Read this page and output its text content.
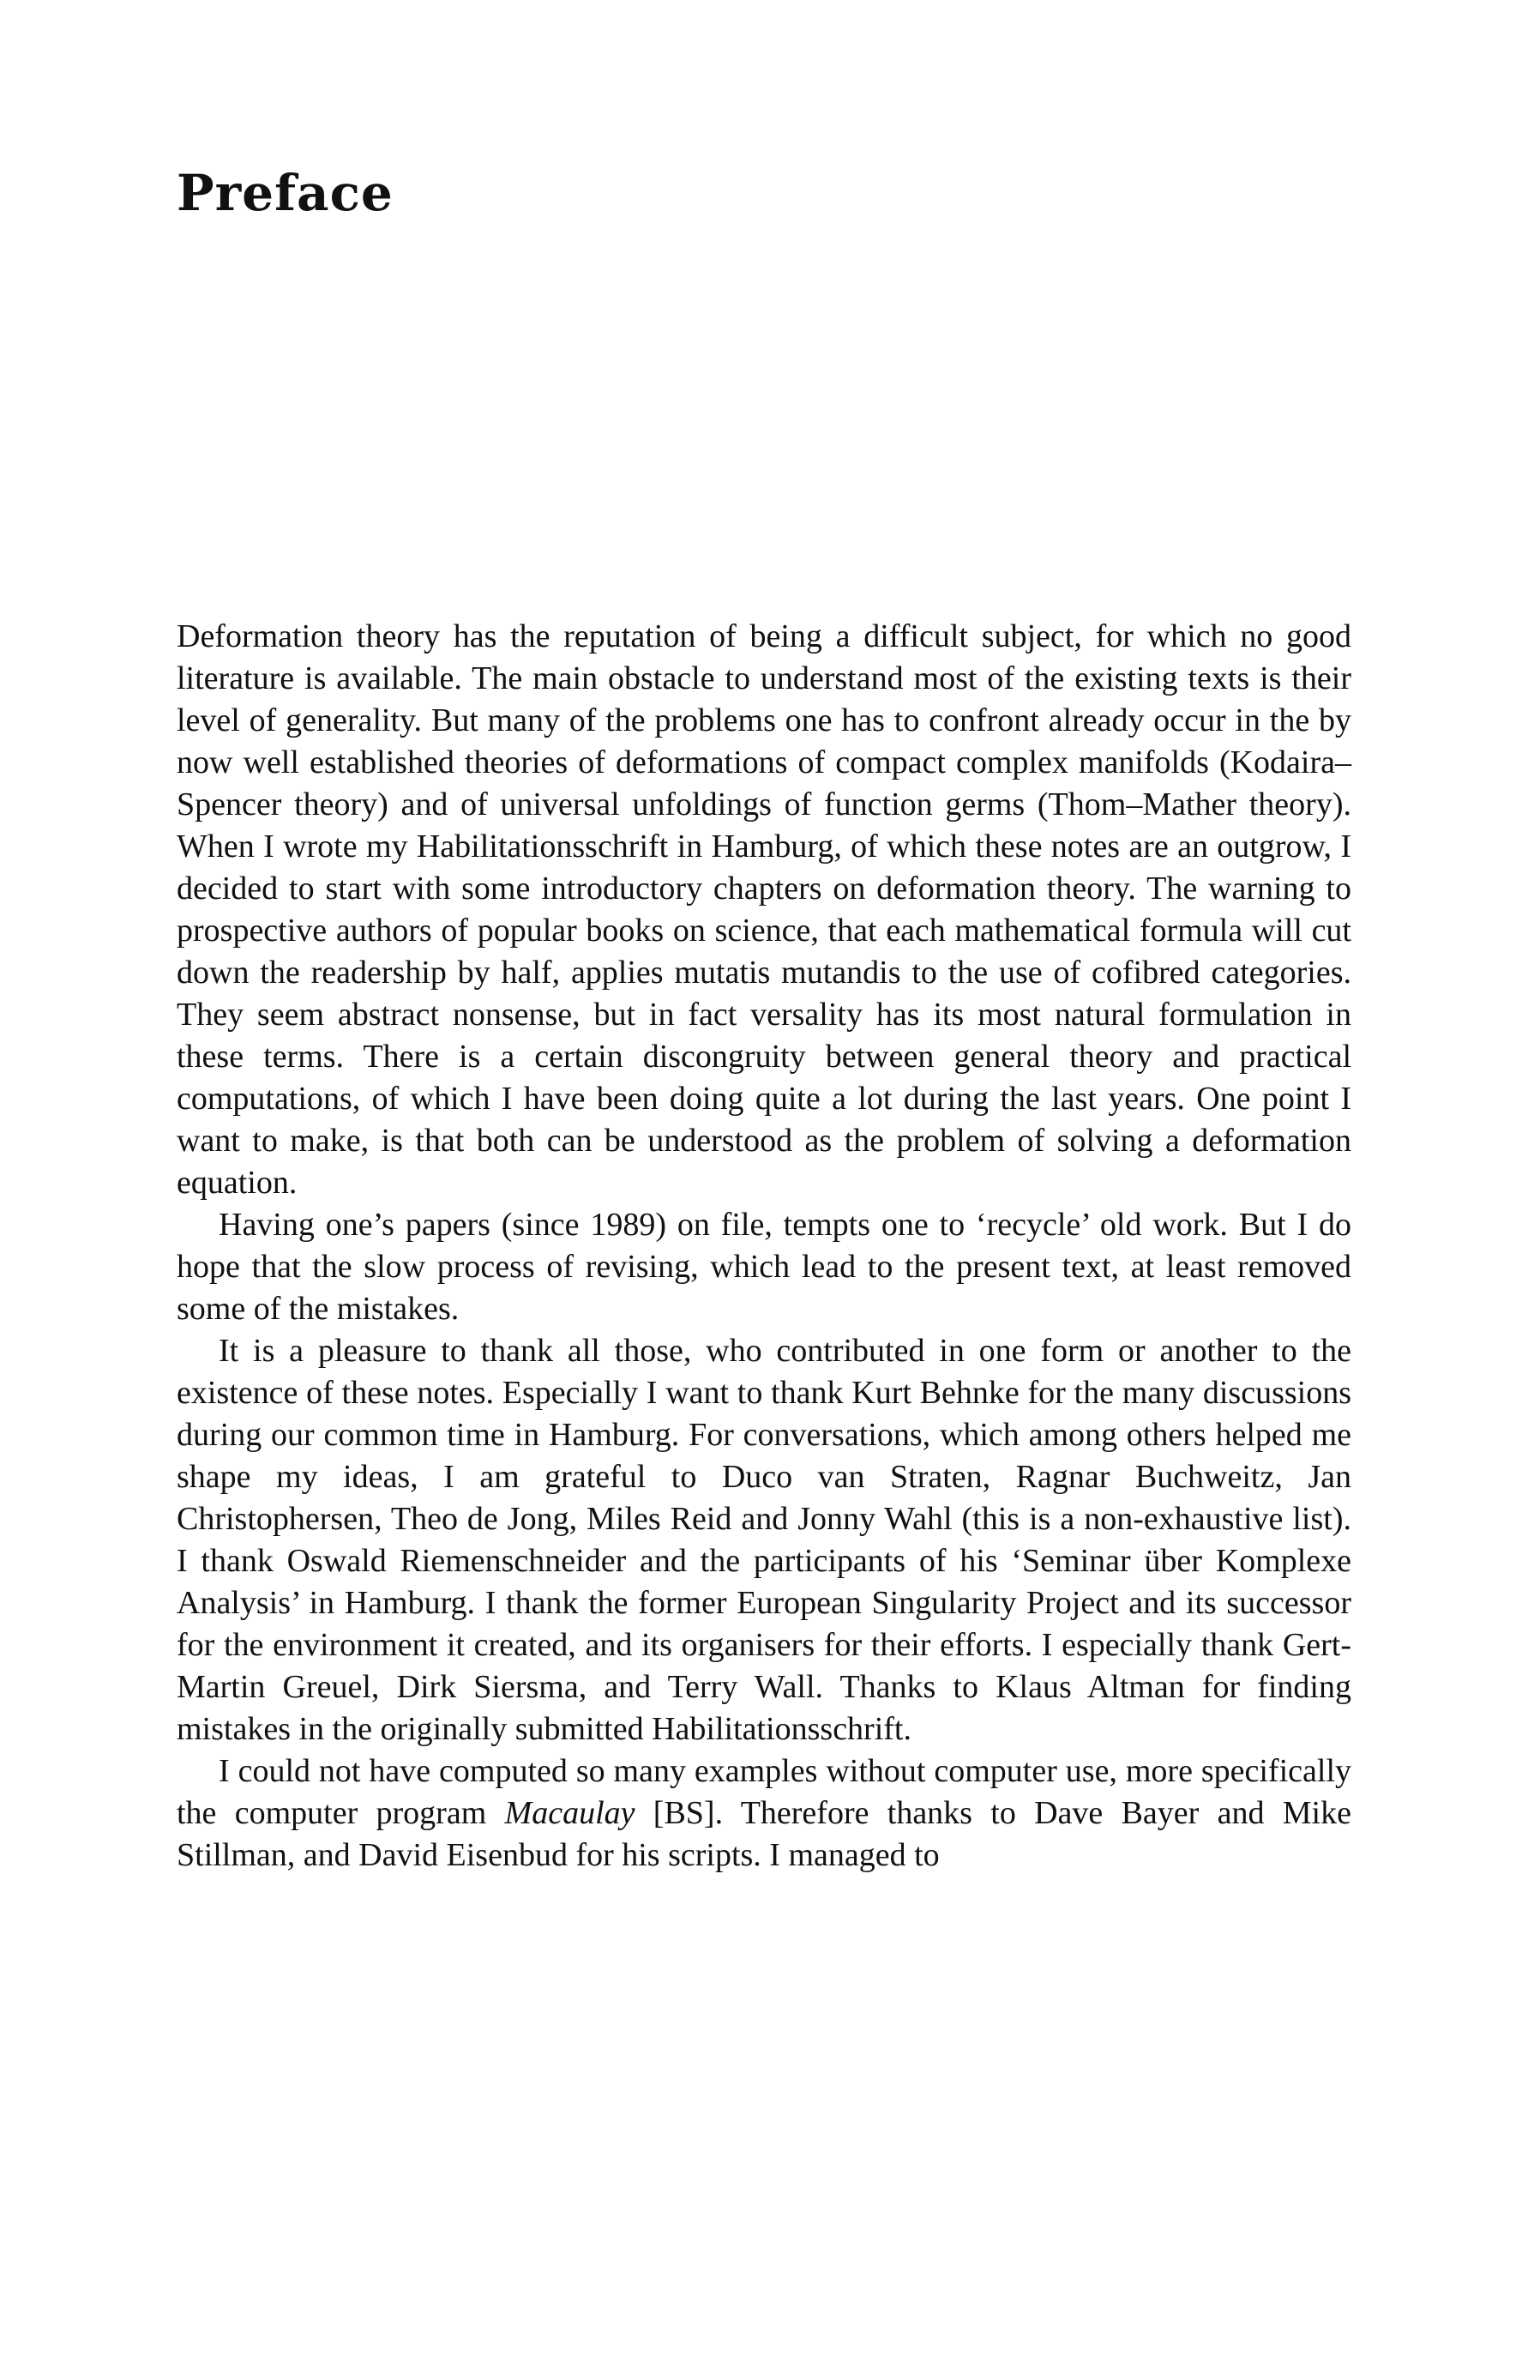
Preface

Deformation theory has the reputation of being a difficult subject, for which no good literature is available. The main obstacle to understand most of the existing texts is their level of generality. But many of the problems one has to confront already occur in the by now well established theories of deformations of compact complex manifolds (Kodaira–Spencer theory) and of universal unfoldings of function germs (Thom–Mather theory). When I wrote my Habilitationsschrift in Hamburg, of which these notes are an outgrow, I decided to start with some introductory chapters on deformation theory. The warning to prospective authors of popular books on science, that each mathematical formula will cut down the readership by half, applies mutatis mutandis to the use of cofibred categories. They seem abstract nonsense, but in fact versality has its most natural formulation in these terms. There is a certain discongruity between general theory and practical computations, of which I have been doing quite a lot during the last years. One point I want to make, is that both can be understood as the problem of solving a deformation equation.

Having one’s papers (since 1989) on file, tempts one to ‘recycle’ old work. But I do hope that the slow process of revising, which lead to the present text, at least removed some of the mistakes.

It is a pleasure to thank all those, who contributed in one form or another to the existence of these notes. Especially I want to thank Kurt Behnke for the many discussions during our common time in Hamburg. For conversations, which among others helped me shape my ideas, I am grateful to Duco van Straten, Ragnar Buchweitz, Jan Christophersen, Theo de Jong, Miles Reid and Jonny Wahl (this is a non-exhaustive list). I thank Oswald Riemenschneider and the participants of his ‘Seminar über Komplexe Analysis’ in Hamburg. I thank the former European Singularity Project and its successor for the environment it created, and its organisers for their efforts. I especially thank Gert-Martin Greuel, Dirk Siersma, and Terry Wall. Thanks to Klaus Altman for finding mistakes in the originally submitted Habilitationsschrift.

I could not have computed so many examples without computer use, more specifically the computer program Macaulay [BS]. Therefore thanks to Dave Bayer and Mike Stillman, and David Eisenbud for his scripts. I managed to
